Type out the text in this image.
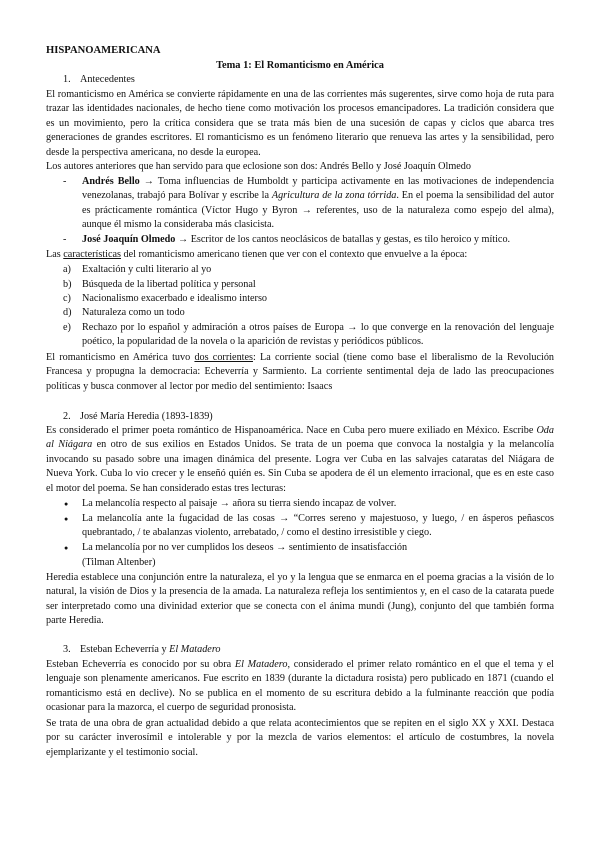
HISPANOAMERICANA
Tema 1: El Romanticismo en América
1. Antecedentes
El romanticismo en América se convierte rápidamente en una de las corrientes más sugerentes, sirve como hoja de ruta para trazar las identidades nacionales, de hecho tiene como motivación los procesos emancipadores. La tradición considera que es un movimiento, pero la crítica considera que se trata más bien de una sucesión de capas y ciclos que abarca tres generaciones de grandes escritores. El romanticismo es un fenómeno literario que renueva las artes y la sensibilidad, pero desde la perspectiva americana, no desde la europea.
Los autores anteriores que han servido para que eclosione son dos: Andrés Bello y José Joaquín Olmedo
-	Andrés Bello → Toma influencias de Humboldt y participa activamente en las motivaciones de independencia venezolanas, trabajó para Bolívar y escribe la Agricultura de la zona tórrida. En el poema la sensibilidad del autor es prácticamente romántica (Víctor Hugo y Byron → referentes, uso de la naturaleza como espejo del alma), aunque él mismo la consideraba más clasicista.
-	José Joaquín Olmedo → Escritor de los cantos neoclásicos de batallas y gestas, es tilo heroico y mítico.
Las características del romanticismo americano tienen que ver con el contexto que envuelve a la época:
a) Exaltación y culti literario al yo
b) Búsqueda de la libertad política y personal
c) Nacionalismo exacerbado e idealismo interso
d) Naturaleza como un todo
e) Rechazo por lo español y admiración a otros países de Europa → lo que converge en la renovación del lenguaje poético, la popularidad de la novela o la aparición de revistas y periódicos públicos.
El romanticismo en América tuvo dos corrientes: La corriente social (tiene como base el liberalismo de la Revolución Francesa y propugna la democracia: Echeverría y Sarmiento. La corriente sentimental deja de lado las preocupaciones políticas y busca conmover al lector por medio del sentimiento: Isaacs
2. José María Heredia (1893-1839)
Es considerado el primer poeta romántico de Hispanoamérica. Nace en Cuba pero muere exiliado en México. Escribe Oda al Niágara en otro de sus exilios en Estados Unidos. Se trata de un poema que convoca la nostalgia y la melancolía invocando su pasado sobre una imagen dinámica del presente. Logra ver Cuba en las salvajes cataratas del Niágara de Nueva York. Cuba lo vio crecer y le enseñó quién es. Sin Cuba se apodera de él un elemento irracional, que es en este caso el motor del poema. Se han considerado estas tres lecturas:
● La melancolía respecto al paisaje → añora su tierra siendo incapaz de volver.
● La melancolía ante la fugacidad de las cosas → “Corres sereno y majestuoso, y luego, / en ásperos peñascos quebrantado, / te abalanzas violento, arrebatado, / como el destino irresistible y ciego.
● La melancolía por no ver cumplidos los deseos → sentimiento de insatisfacción
(Tilman Altenber)
Heredia establece una conjunción entre la naturaleza, el yo y la lengua que se enmarca en el poema gracias a la visión de lo natural, la visión de Dios y la presencia de la amada. La naturaleza refleja los sentimientos y, en el caso de la catarata puede ser interpretado como una divinidad exterior que se conecta con el ánima mundi (Jung), conjunto del que también forma parte Heredia.
3. Esteban Echeverría y El Matadero
Esteban Echeverría es conocido por su obra El Matadero, considerado el primer relato romántico en el que el tema y el lenguaje son plenamente americanos. Fue escrito en 1839 (durante la dictadura rosista) pero publicado en 1871 (cuando el romanticismo está en declive). No se publica en el momento de su escritura debido a la fulminante reacción que podía ocasionar para la mazorca, el cuerpo de seguridad pronosista.
Se trata de una obra de gran actualidad debido a que relata acontecimientos que se repiten en el siglo XX y XXI. Destaca por su carácter inverosímil e intolerable y por la mezcla de varios elementos: el artículo de costumbres, la novela ejemplarizante y el testimonio social.
